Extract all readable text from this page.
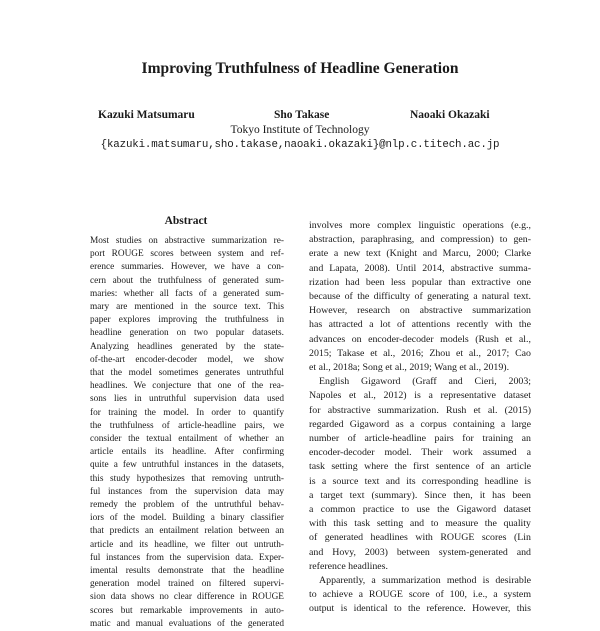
Improving Truthfulness of Headline Generation
Kazuki Matsumaru	Sho Takase	Naoaki Okazaki
Tokyo Institute of Technology
{kazuki.matsumaru,sho.takase,naoaki.okazaki}@nlp.c.titech.ac.jp
Abstract
Most studies on abstractive summarization re-
port ROUGE scores between system and ref-
erence summaries. However, we have a con-
cern about the truthfulness of generated sum-
maries: whether all facts of a generated sum-
mary are mentioned in the source text. This
paper explores improving the truthfulness in
headline generation on two popular datasets.
Analyzing headlines generated by the state-
of-the-art encoder-decoder model, we show
that the model sometimes generates untruthful
headlines. We conjecture that one of the rea-
sons lies in untruthful supervision data used
for training the model. In order to quantify
the truthfulness of article-headline pairs, we
consider the textual entailment of whether an
article entails its headline. After confirming
quite a few untruthful instances in the datasets,
this study hypothesizes that removing untruth-
ful instances from the supervision data may
remedy the problem of the untruthful behav-
iors of the model. Building a binary classifier
that predicts an entailment relation between an
article and its headline, we filter out untruth-
ful instances from the supervision data. Exper-
imental results demonstrate that the headline
generation model trained on filtered supervi-
sion data shows no clear difference in ROUGE
scores but remarkable improvements in auto-
matic and manual evaluations of the generated
involves more complex linguistic operations (e.g.,
abstraction, paraphrasing, and compression) to gen-
erate a new text (Knight and Marcu, 2000; Clarke
and Lapata, 2008). Until 2014, abstractive summa-
rization had been less popular than extractive one
because of the difficulty of generating a natural text.
However, research on abstractive summarization
has attracted a lot of attentions recently with the
advances on encoder-decoder models (Rush et al.,
2015; Takase et al., 2016; Zhou et al., 2017; Cao
et al., 2018a; Song et al., 2019; Wang et al., 2019).
English Gigaword (Graff and Cieri, 2003;
Napoles et al., 2012) is a representative dataset
for abstractive summarization. Rush et al. (2015)
regarded Gigaword as a corpus containing a large
number of article-headline pairs for training an
encoder-decoder model. Their work assumed a
task setting where the first sentence of an article
is a source text and its corresponding headline is
a target text (summary). Since then, it has been
a common practice to use the Gigaword dataset
with this task setting and to measure the quality
of generated headlines with ROUGE scores (Lin
and Hovy, 2003) between system-generated and
reference headlines.
Apparently, a summarization method is desirable
to achieve a ROUGE score of 100, i.e., a system
output is identical to the reference. However, this
